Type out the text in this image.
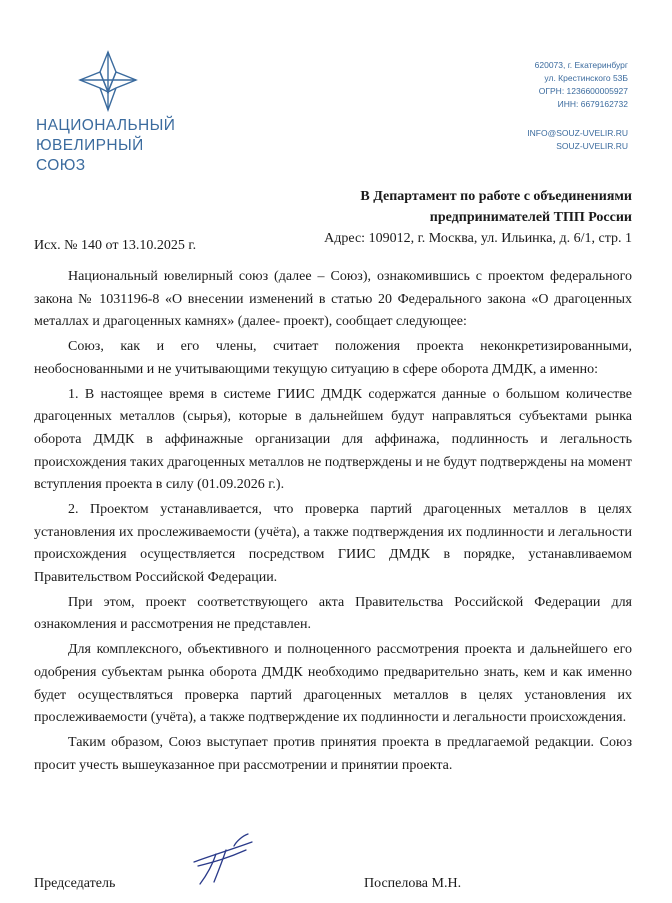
НАЦИОНАЛЬНЫЙ
ЮВЕЛИРНЫЙ СОЮЗ
620073, г. Екатеринбург
ул. Крестинского 53Б
ОГРН: 1236600005927
ИНН: 6679162732
INFO@SOUZ-UVELIR.RU
SOUZ-UVELIR.RU
В Департамент по работе с объединениями
предпринимателей ТПП России
Адрес: 109012, г. Москва, ул. Ильинка, д. 6/1, стр. 1
Исх. № 140 от 13.10.2025 г.

Национальный ювелирный союз (далее – Союз), ознакомившись с проектом федерального закона № 1031196-8 «О внесении изменений в статью 20 Федерального закона «О драгоценных металлах и драгоценных камнях» (далее- проект), сообщает следующее:

Союз, как и его члены, считает положения проекта неконкретизированными, необоснованными и не учитывающими текущую ситуацию в сфере оборота ДМДК, а именно:

1. В настоящее время в системе ГИИС ДМДК содержатся данные о большом количестве драгоценных металлов (сырья), которые в дальнейшем будут направляться субъектами рынка оборота ДМДК в аффинажные организации для аффинажа, подлинность и легальность происхождения таких драгоценных металлов не подтверждены и не будут подтверждены на момент вступления проекта в силу (01.09.2026 г.).

2. Проектом устанавливается, что проверка партий драгоценных металлов в целях установления их прослеживаемости (учёта), а также подтверждения их подлинности и легальности происхождения осуществляется посредством ГИИС ДМДК в порядке, устанавливаемом Правительством Российской Федерации.

При этом, проект соответствующего акта Правительства Российской Федерации для ознакомления и рассмотрения не представлен.

Для комплексного, объективного и полноценного рассмотрения проекта и дальнейшего его одобрения субъектам рынка оборота ДМДК необходимо предварительно знать, кем и как именно будет осуществляться проверка партий драгоценных металлов в целях установления их прослеживаемости (учёта), а также подтверждение их подлинности и легальности происхождения.

Таким образом, Союз выступает против принятия проекта в предлагаемой редакции. Союз просит учесть вышеуказанное при рассмотрении и принятии проекта.

Председатель	Поспелова М.Н.
